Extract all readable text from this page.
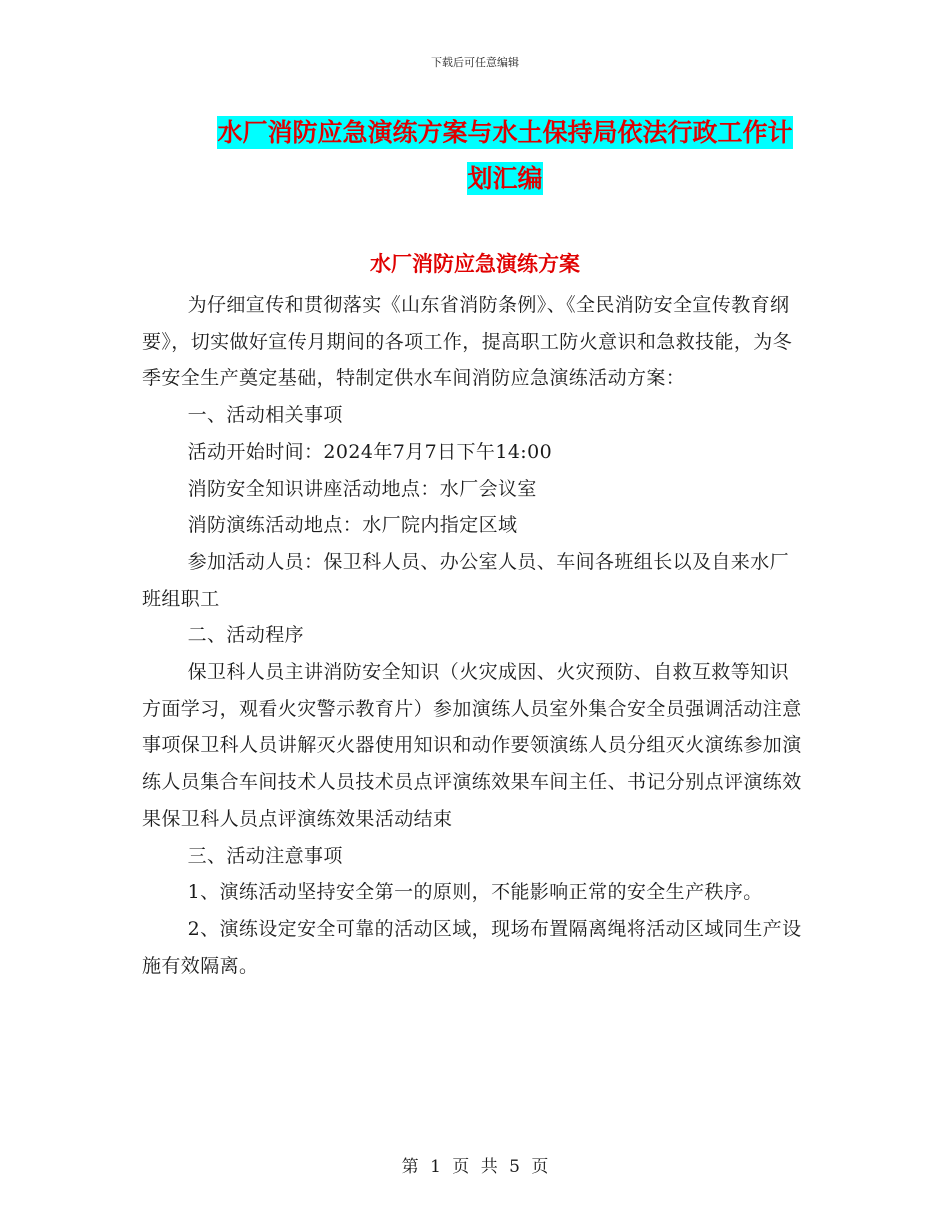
下载后可任意编辑
水厂消防应急演练方案与水土保持局依法行政工作计
划汇编
水厂消防应急演练方案

为仔细宣传和贯彻落实《山东省消防条例》、《全民消防安全宣传教育纲要》，切实做好宣传月期间的各项工作，提高职工防火意识和急救技能，为冬季安全生产奠定基础，特制定供水车间消防应急演练活动方案：

一、活动相关事项

活动开始时间：2024年7月7日下午14:00

消防安全知识讲座活动地点：水厂会议室

消防演练活动地点：水厂院内指定区域

参加活动人员：保卫科人员、办公室人员、车间各班组长以及自来水厂班组职工

二、活动程序

保卫科人员主讲消防安全知识（火灾成因、火灾预防、自救互救等知识方面学习，观看火灾警示教育片）参加演练人员室外集合安全员强调活动注意事项保卫科人员讲解灭火器使用知识和动作要领演练人员分组灭火演练参加演练人员集合车间技术人员技术员点评演练效果车间主任、书记分别点评演练效果保卫科人员点评演练效果活动结束

三、活动注意事项

1、演练活动坚持安全第一的原则，不能影响正常的安全生产秩序。

2、演练设定安全可靠的活动区域，现场布置隔离绳将活动区域同生产设施有效隔离。

第 1 页 共 5 页
